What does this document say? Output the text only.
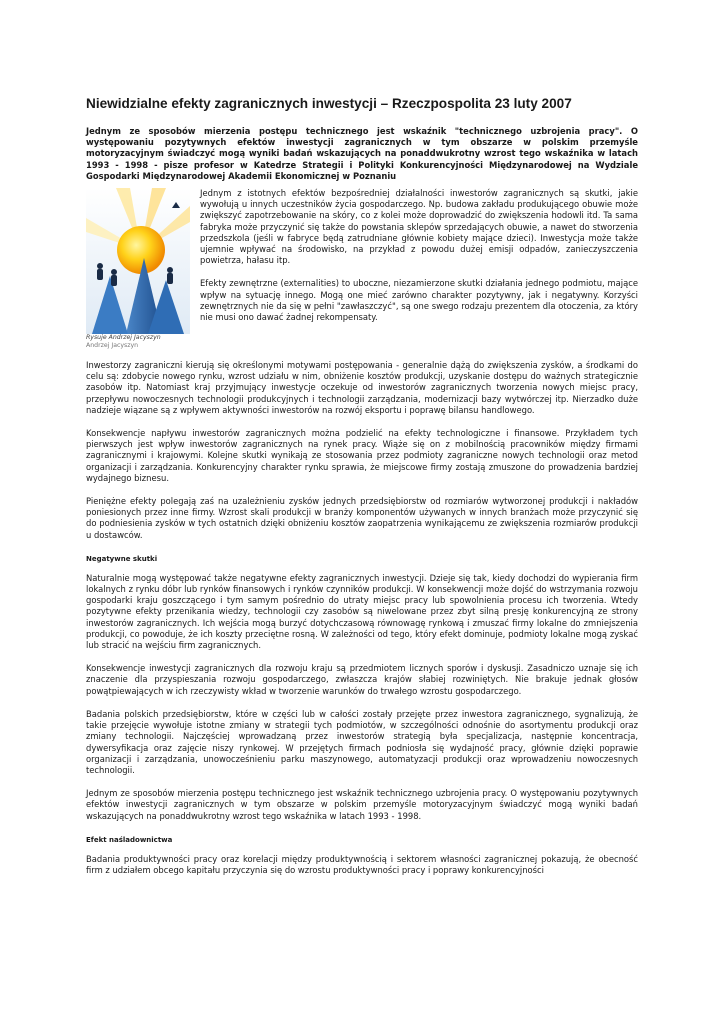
Niewidzialne efekty zagranicznych inwestycji – Rzeczpospolita 23 luty 2007

Jednym ze sposobów mierzenia postępu technicznego jest wskaźnik "technicznego uzbrojenia pracy". O występowaniu pozytywnych efektów inwestycji zagranicznych w tym obszarze w polskim przemyśle motoryzacyjnym świadczyć mogą wyniki badań wskazujących na ponaddwukrotny wzrost tego wskaźnika w latach 1993 - 1998 - pisze profesor w Katedrze Strategii i Polityki Konkurencyjności Międzynarodowej na Wydziale Gospodarki Międzynarodowej Akademii Ekonomicznej w Poznaniu

Rysuje Andrzej Jacyszyn
Andrzej Jacyszyn

Jednym z istotnych efektów bezpośredniej działalności inwestorów zagranicznych są skutki, jakie wywołują u innych uczestników życia gospodarczego. Np. budowa zakładu produkującego obuwie może zwiększyć zapotrzebowanie na skóry, co z kolei może doprowadzić do zwiększenia hodowli itd. Ta sama fabryka może przyczynić się także do powstania sklepów sprzedających obuwie, a nawet do stworzenia przedszkola (jeśli w fabryce będą zatrudniane głównie kobiety mające dzieci). Inwestycja może także ujemnie wpływać na środowisko, na przykład z powodu dużej emisji odpadów, zanieczyszczenia powietrza, hałasu itp.

Efekty zewnętrzne (externalities) to uboczne, niezamierzone skutki działania jednego podmiotu, mające wpływ na sytuację innego. Mogą one mieć zarówno charakter pozytywny, jak i negatywny. Korzyści zewnętrznych nie da się w pełni "zawłaszczyć", są one swego rodzaju prezentem dla otoczenia, za który nie musi ono dawać żadnej rekompensaty.

Inwestorzy zagraniczni kierują się określonymi motywami postępowania - generalnie dążą do zwiększenia zysków, a środkami do celu są: zdobycie nowego rynku, wzrost udziału w nim, obniżenie kosztów produkcji, uzyskanie dostępu do ważnych strategicznie zasobów itp. Natomiast kraj przyjmujący inwestycje oczekuje od inwestorów zagranicznych tworzenia nowych miejsc pracy, przepływu nowoczesnych technologii produkcyjnych i technologii zarządzania, modernizacji bazy wytwórczej itp. Nierzadko duże nadzieje wiązane są z wpływem aktywności inwestorów na rozwój eksportu i poprawę bilansu handlowego.

Konsekwencje napływu inwestorów zagranicznych można podzielić na efekty technologiczne i finansowe. Przykładem tych pierwszych jest wpływ inwestorów zagranicznych na rynek pracy. Wiąże się on z mobilnością pracowników między firmami zagranicznymi i krajowymi. Kolejne skutki wynikają ze stosowania przez podmioty zagraniczne nowych technologii oraz metod organizacji i zarządzania. Konkurencyjny charakter rynku sprawia, że miejscowe firmy zostają zmuszone do prowadzenia bardziej wydajnego biznesu.

Pieniężne efekty polegają zaś na uzależnieniu zysków jednych przedsiębiorstw od rozmiarów wytworzonej produkcji i nakładów poniesionych przez inne firmy. Wzrost skali produkcji w branży komponentów używanych w innych branżach może przyczynić się do podniesienia zysków w tych ostatnich dzięki obniżeniu kosztów zaopatrzenia wynikającemu ze zwiększenia rozmiarów produkcji u dostawców.

Negatywne skutki

Naturalnie mogą występować także negatywne efekty zagranicznych inwestycji. Dzieje się tak, kiedy dochodzi do wypierania firm lokalnych z rynku dóbr lub rynków finansowych i rynków czynników produkcji. W konsekwencji może dojść do wstrzymania rozwoju gospodarki kraju goszczącego i tym samym pośrednio do utraty miejsc pracy lub spowolnienia procesu ich tworzenia. Wtedy pozytywne efekty przenikania wiedzy, technologii czy zasobów są niwelowane przez zbyt silną presję konkurencyjną ze strony inwestorów zagranicznych. Ich wejścia mogą burzyć dotychczasową równowagę rynkową i zmuszać firmy lokalne do zmniejszenia produkcji, co powoduje, że ich koszty przeciętne rosną. W zależności od tego, który efekt dominuje, podmioty lokalne mogą zyskać lub stracić na wejściu firm zagranicznych.

Konsekwencje inwestycji zagranicznych dla rozwoju kraju są przedmiotem licznych sporów i dyskusji. Zasadniczo uznaje się ich znaczenie dla przyspieszania rozwoju gospodarczego, zwłaszcza krajów słabiej rozwiniętych. Nie brakuje jednak głosów powątpiewających w ich rzeczywisty wkład w tworzenie warunków do trwałego wzrostu gospodarczego.

Badania polskich przedsiębiorstw, które w części lub w całości zostały przejęte przez inwestora zagranicznego, sygnalizują, że takie przejęcie wywołuje istotne zmiany w strategii tych podmiotów, w szczególności odnośnie do asortymentu produkcji oraz zmiany technologii. Najczęściej wprowadzaną przez inwestorów strategią była specjalizacja, następnie koncentracja, dywersyfikacja oraz zajęcie niszy rynkowej. W przejętych firmach podniosła się wydajność pracy, głównie dzięki poprawie organizacji i zarządzania, unowocześnieniu parku maszynowego, automatyzacji produkcji oraz wprowadzeniu nowoczesnych technologii.

Jednym ze sposobów mierzenia postępu technicznego jest wskaźnik technicznego uzbrojenia pracy. O występowaniu pozytywnych efektów inwestycji zagranicznych w tym obszarze w polskim przemyśle motoryzacyjnym świadczyć mogą wyniki badań wskazujących na ponaddwukrotny wzrost tego wskaźnika w latach 1993 - 1998.

Efekt naśladownictwa

Badania produktywności pracy oraz korelacji między produktywnością i sektorem własności zagranicznej pokazują, że obecność firm z udziałem obcego kapitału przyczynia się do wzrostu produktywności pracy i poprawy konkurencyjności
